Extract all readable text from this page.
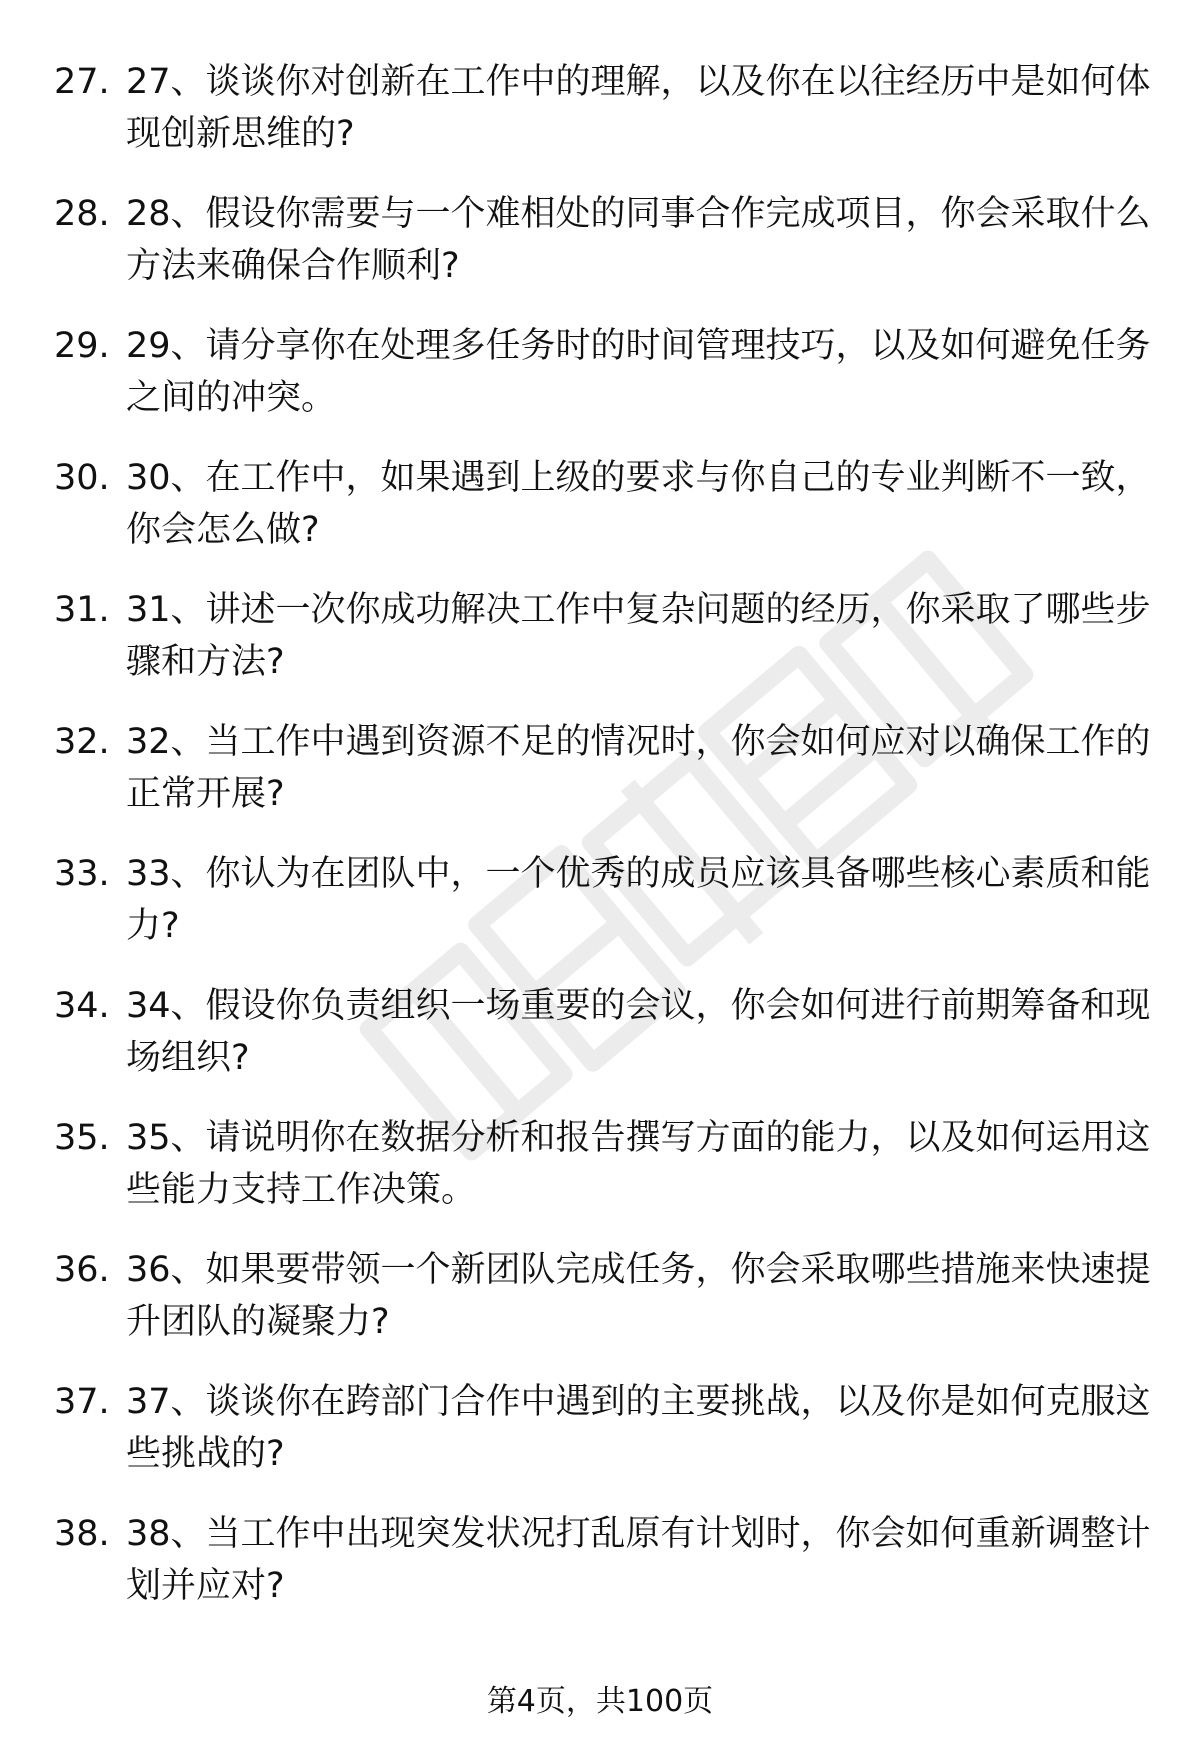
27. 27、谈谈你对创新在工作中的理解，以及你在以往经历中是如何体现创新思维的?
28. 28、假设你需要与一个难相处的同事合作完成项目，你会采取什么方法来确保合作顺利?
29. 29、请分享你在处理多任务时的时间管理技巧，以及如何避免任务之间的冲突。
30. 30、在工作中，如果遇到上级的要求与你自己的专业判断不一致，你会怎么做?
31. 31、讲述一次你成功解决工作中复杂问题的经历，你采取了哪些步骤和方法?
32. 32、当工作中遇到资源不足的情况时，你会如何应对以确保工作的正常开展?
33. 33、你认为在团队中，一个优秀的成员应该具备哪些核心素质和能力?
34. 34、假设你负责组织一场重要的会议，你会如何进行前期筹备和现场组织?
35. 35、请说明你在数据分析和报告撰写方面的能力，以及如何运用这些能力支持工作决策。
36. 36、如果要带领一个新团队完成任务，你会采取哪些措施来快速提升团队的凝聚力?
37. 37、谈谈你在跨部门合作中遇到的主要挑战，以及你是如何克服这些挑战的?
38. 38、当工作中出现突发状况打乱原有计划时，你会如何重新调整计划并应对?
第4页，共100页
